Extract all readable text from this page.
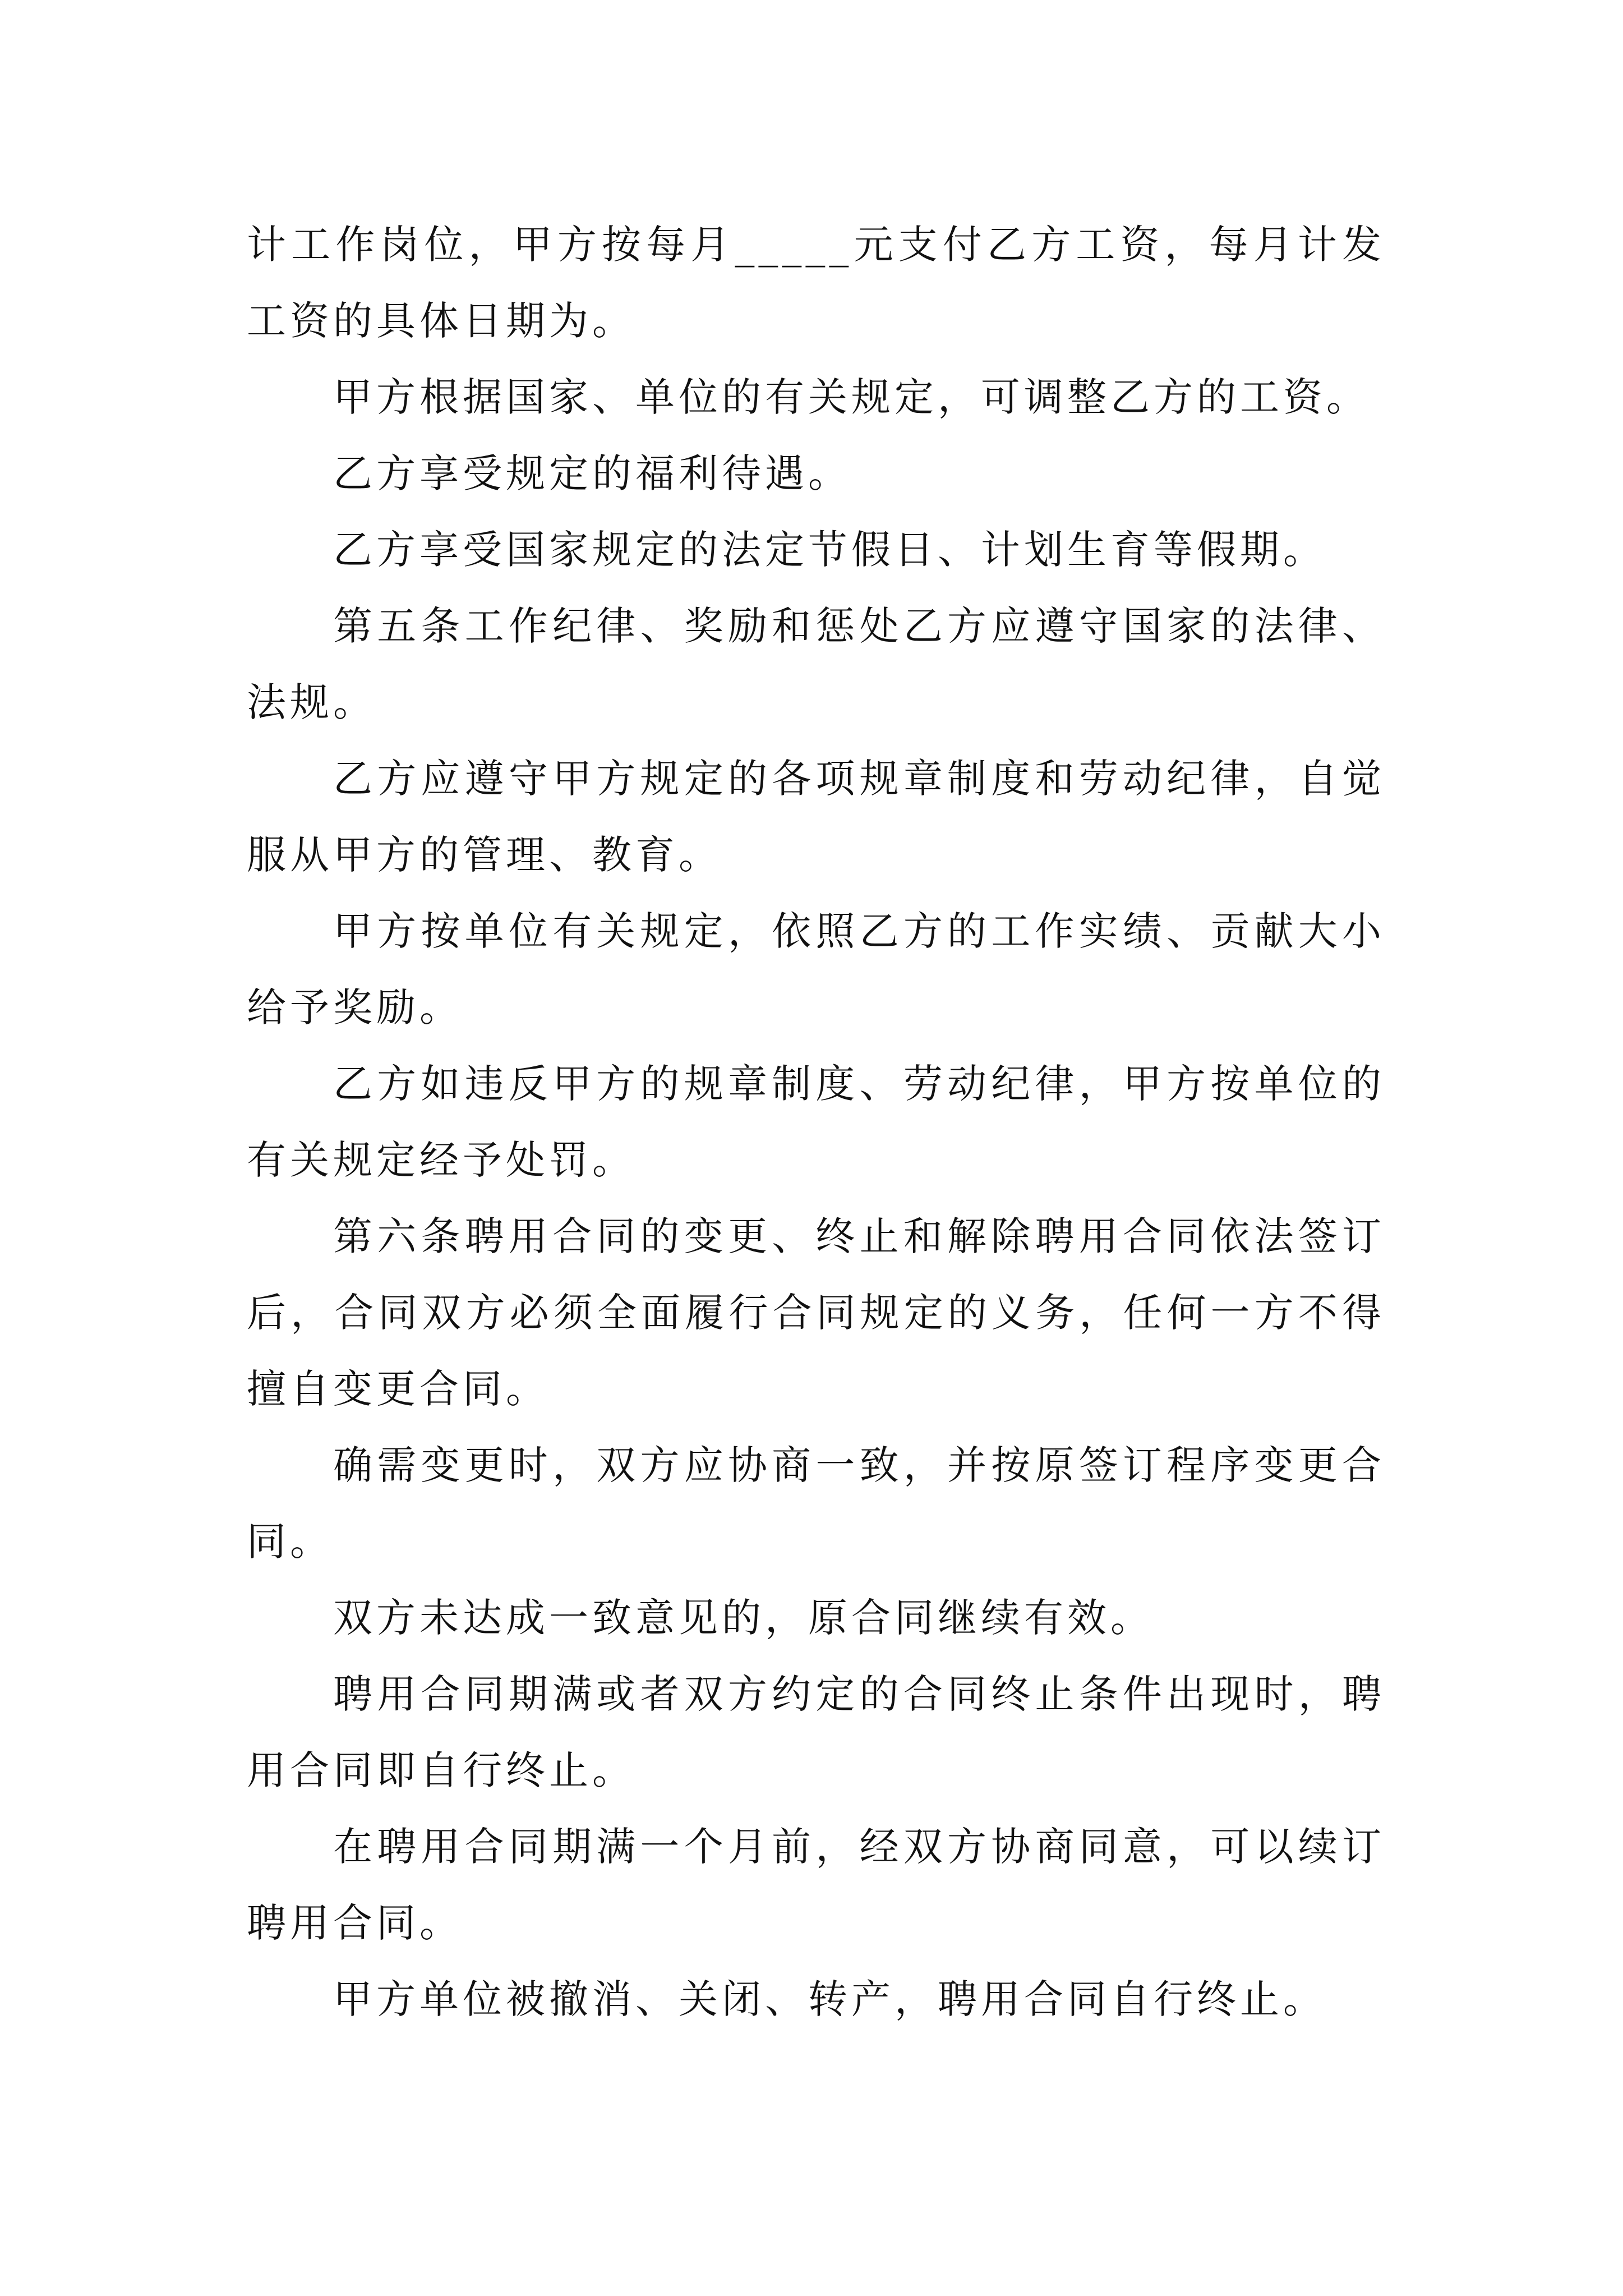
计工作岗位，甲方按每月_____元支付乙方工资，每月计发工资的具体日期为。

甲方根据国家、单位的有关规定，可调整乙方的工资。

乙方享受规定的福利待遇。

乙方享受国家规定的法定节假日、计划生育等假期。

第五条工作纪律、奖励和惩处乙方应遵守国家的法律、法规。

乙方应遵守甲方规定的各项规章制度和劳动纪律，自觉服从甲方的管理、教育。

甲方按单位有关规定，依照乙方的工作实绩、贡献大小给予奖励。

乙方如违反甲方的规章制度、劳动纪律，甲方按单位的有关规定经予处罚。

第六条聘用合同的变更、终止和解除聘用合同依法签订后，合同双方必须全面履行合同规定的义务，任何一方不得擅自变更合同。

确需变更时，双方应协商一致，并按原签订程序变更合同。

双方未达成一致意见的，原合同继续有效。

聘用合同期满或者双方约定的合同终止条件出现时，聘用合同即自行终止。

在聘用合同期满一个月前，经双方协商同意，可以续订聘用合同。

甲方单位被撤消、关闭、转产，聘用合同自行终止。
